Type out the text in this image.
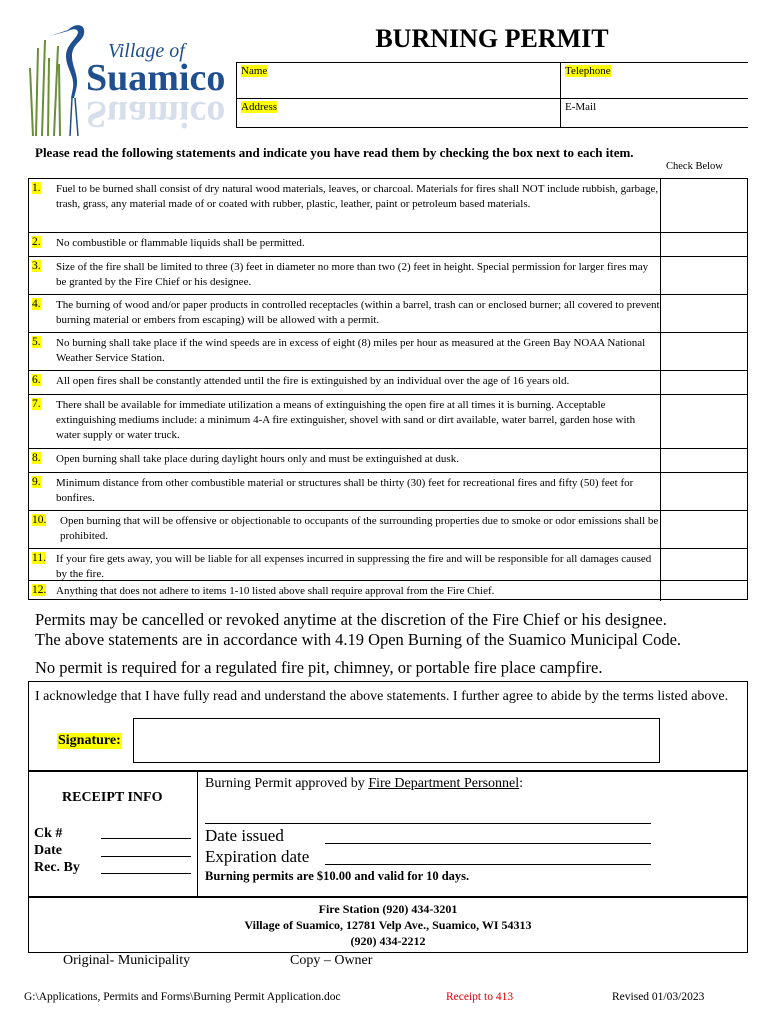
Village of
Suamico
Suamico
BURNING PERMIT
Name	Telephone
Address	E-Mail
Please read the following statements and indicate you have read them by checking the box next to each item.
Check Below
1. Fuel to be burned shall consist of dry natural wood materials, leaves, or charcoal. Materials for fires shall NOT include rubbish, garbage, trash, grass, any material made of or coated with rubber, plastic, leather, paint or petroleum based materials.
2. No combustible or flammable liquids shall be permitted.
3. Size of the fire shall be limited to three (3) feet in diameter no more than two (2) feet in height. Special permission for larger fires may be granted by the Fire Chief or his designee.
4. The burning of wood and/or paper products in controlled receptacles (within a barrel, trash can or enclosed burner; all covered to prevent burning material or embers from escaping) will be allowed with a permit.
5. No burning shall take place if the wind speeds are in excess of eight (8) miles per hour as measured at the Green Bay NOAA National Weather Service Station.
6. All open fires shall be constantly attended until the fire is extinguished by an individual over the age of 16 years old.
7. There shall be available for immediate utilization a means of extinguishing the open fire at all times it is burning. Acceptable extinguishing mediums include: a minimum 4-A fire extinguisher, shovel with sand or dirt available, water barrel, garden hose with water supply or water truck.
8. Open burning shall take place during daylight hours only and must be extinguished at dusk.
9. Minimum distance from other combustible material or structures shall be thirty (30) feet for recreational fires and fifty (50) feet for bonfires.
10. Open burning that will be offensive or objectionable to occupants of the surrounding properties due to smoke or odor emissions shall be prohibited.
11. If your fire gets away, you will be liable for all expenses incurred in suppressing the fire and will be responsible for all damages caused by the fire.
12. Anything that does not adhere to items 1-10 listed above shall require approval from the Fire Chief.
Permits may be cancelled or revoked anytime at the discretion of the Fire Chief or his designee.
The above statements are in accordance with 4.19 Open Burning of the Suamico Municipal Code.
No permit is required for a regulated fire pit, chimney, or portable fire place campfire.
I acknowledge that I have fully read and understand the above statements. I further agree to abide by the terms listed above.
Signature:
RECEIPT INFO
Ck #
Date
Rec. By
Burning Permit approved by Fire Department Personnel:
Date issued
Expiration date
Burning permits are $10.00 and valid for 10 days.
Fire Station (920) 434-3201
Village of Suamico, 12781 Velp Ave., Suamico, WI 54313
(920) 434-2212
Original- Municipality	Copy – Owner
G:\Applications, Permits and Forms\Burning Permit Application.doc	Receipt to 413	Revised 01/03/2023
